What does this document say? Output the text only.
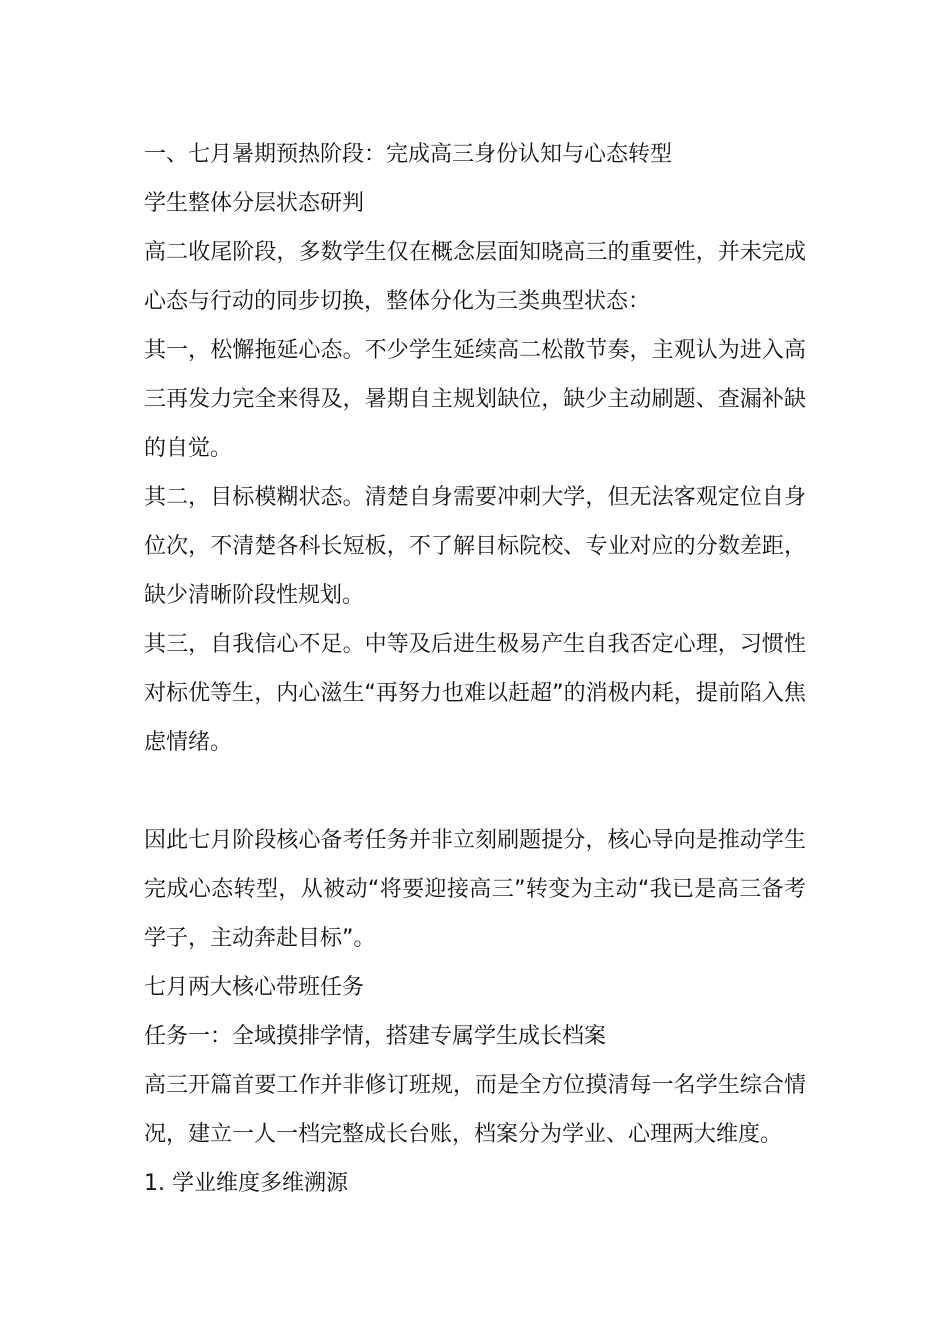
一、七月暑期预热阶段：完成高三身份认知与心态转型
学生整体分层状态研判

高二收尾阶段，多数学生仅在概念层面知晓高三的重要性，并未完成心态与行动的同步切换，整体分化为三类典型状态：

其一，松懈拖延心态。不少学生延续高二松散节奏，主观认为进入高三再发力完全来得及，暑期自主规划缺位，缺少主动刷题、查漏补缺的自觉。

其二，目标模糊状态。清楚自身需要冲刺大学，但无法客观定位自身位次，不清楚各科长短板，不了解目标院校、专业对应的分数差距，缺少清晰阶段性规划。

其三，自我信心不足。中等及后进生极易产生自我否定心理，习惯性对标优等生，内心滋生“再努力也难以赶超”的消极内耗，提前陷入焦虑情绪。

因此七月阶段核心备考任务并非立刻刷题提分，核心导向是推动学生完成心态转型，从被动“将要迎接高三”转变为主动“我已是高三备考学子，主动奔赴目标”。

七月两大核心带班任务
任务一：全域摸排学情，搭建专属学生成长档案

高三开篇首要工作并非修订班规，而是全方位摸清每一名学生综合情况，建立一人一档完整成长台账，档案分为学业、心理两大维度。

1. 学业维度多维溯源
